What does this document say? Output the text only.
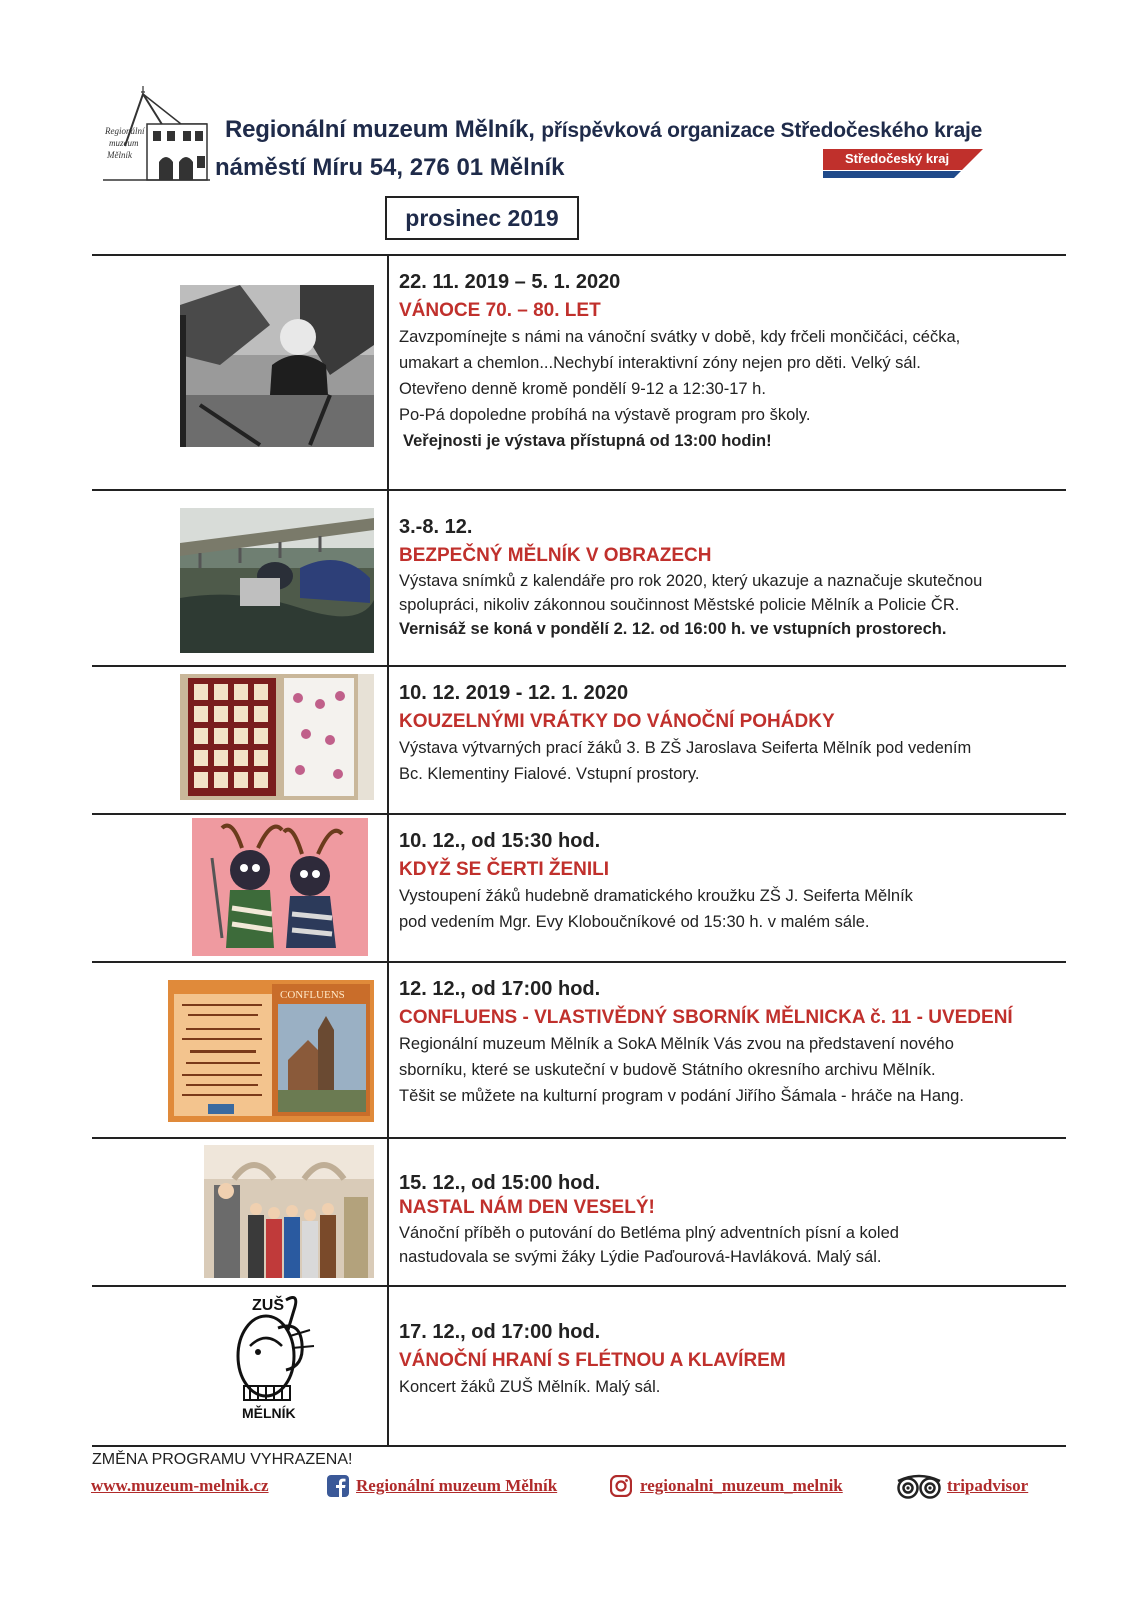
Regionální
muzeum
Mělník
Regionální muzeum Mělník, příspěvková organizace Středočeského kraje
náměstí Míru 54, 276 01 Mělník	Středočeský kraj
prosinec 2019
CONFLUENS
ZUŠ
MĚLNÍK
22. 11. 2019 – 5. 1. 2020
VÁNOCE 70. – 80. LET

Zavzpomínejte s námi na vánoční svátky v době, kdy frčeli mončičáci, céčka,

umakart a chemlon...Nechybí interaktivní zóny nejen pro děti. Velký sál.

Otevřeno denně kromě pondělí 9-12 a 12:30-17 h.

Po-Pá dopoledne probíhá na výstavě program pro školy.

Veřejnosti je výstava přístupná od 13:00 hodin!

3.-8. 12.
BEZPEČNÝ MĚLNÍK V OBRAZECH

Výstava snímků z kalendáře pro rok 2020, který ukazuje a naznačuje skutečnou

spolupráci, nikoliv zákonnou součinnost Městské policie Mělník a Policie ČR.

Vernisáž se koná v pondělí 2. 12. od 16:00 h. ve vstupních prostorech.

10. 12. 2019 - 12. 1. 2020
KOUZELNÝMI VRÁTKY DO VÁNOČNÍ POHÁDKY

Výstava výtvarných prací žáků 3. B ZŠ Jaroslava Seiferta Mělník pod vedením

Bc. Klementiny Fialové. Vstupní prostory.

10. 12., od 15:30 hod.
KDYŽ SE ČERTI ŽENILI

Vystoupení žáků hudebně dramatického kroužku ZŠ J. Seiferta Mělník

pod vedením Mgr. Evy Kloboučníkové od 15:30 h. v malém sále.

12. 12., od 17:00 hod.
CONFLUENS - VLASTIVĚDNÝ SBORNÍK MĚLNICKA č. 11 - UVEDENÍ

Regionální muzeum Mělník a SokA Mělník Vás zvou na představení nového

sborníku, které se uskuteční v budově Státního okresního archivu Mělník.

Těšit se můžete na kulturní program v podání Jiřího Šámala - hráče na Hang.

15. 12., od 15:00 hod.
NASTAL NÁM DEN VESELÝ!

Vánoční příběh o putování do Betléma plný adventních písní a koled

nastudovala se svými žáky Lýdie Paďourová-Havláková. Malý sál.

17. 12., od 17:00 hod.
VÁNOČNÍ HRANÍ S FLÉTNOU A KLAVÍREM

Koncert žáků ZUŠ Mělník. Malý sál.

ZMĚNA PROGRAMU VYHRAZENA!
www.muzeum-melnik.cz	Regionální muzeum Mělník	regionalni_muzeum_melnik	tripadvisor
